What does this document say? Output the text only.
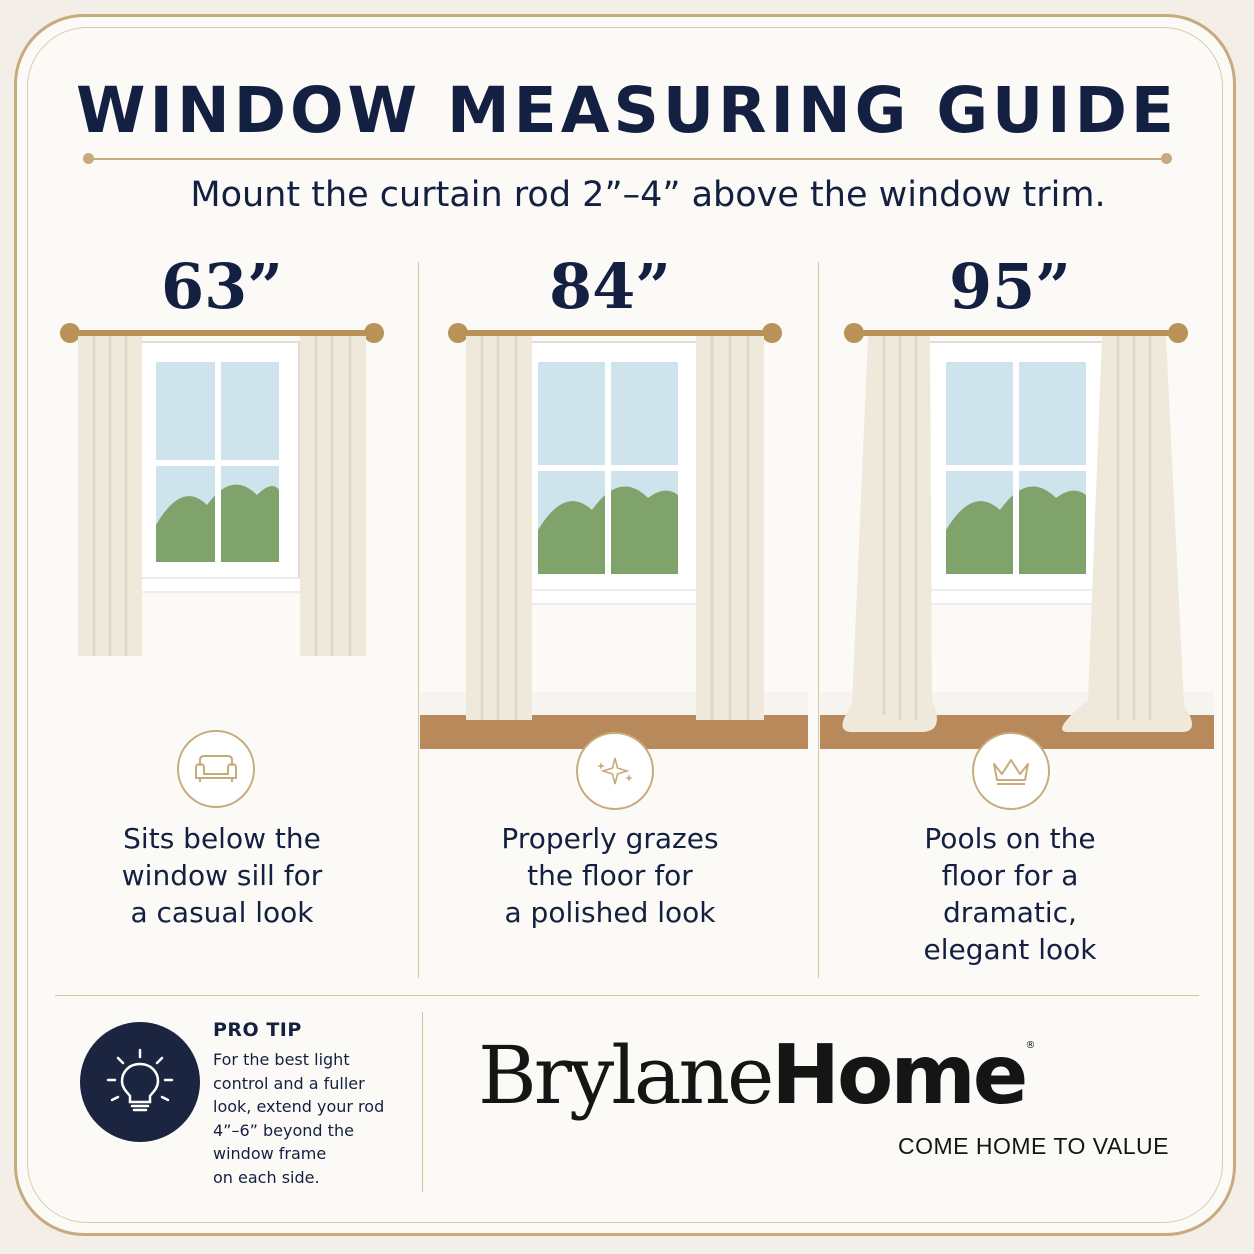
WINDOW MEASURING GUIDE
Mount the curtain rod 2”–4” above the window trim.
63”
Sits below the
window sill for
a casual look
84”
Properly grazes
the floor for
a polished look
95”
Pools on the
floor for a
dramatic,
elegant look
PRO TIP
For the best light
control and a fuller
look, extend your rod
4”–6” beyond the
window frame
on each side.
BrylaneHome®
COME HOME TO VALUE
